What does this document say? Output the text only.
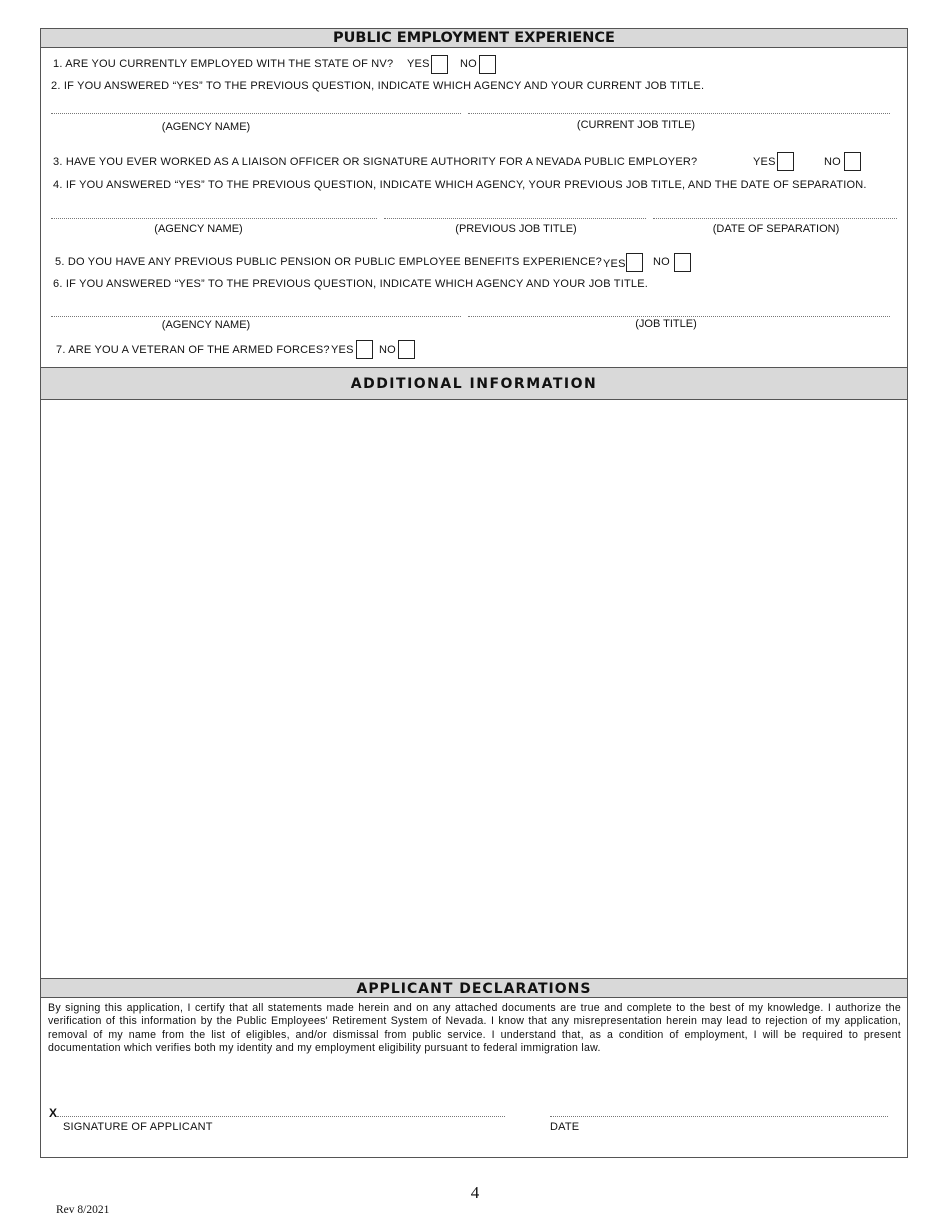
PUBLIC EMPLOYMENT EXPERIENCE
1. ARE YOU CURRENTLY EMPLOYED WITH THE STATE OF NV? YES	NO
2. IF YOU ANSWERED “YES” TO THE PREVIOUS QUESTION, INDICATE WHICH AGENCY AND YOUR CURRENT JOB TITLE.
(AGENCY NAME)	(CURRENT JOB TITLE)
3. HAVE YOU EVER WORKED AS A LIAISON OFFICER OR SIGNATURE AUTHORITY FOR A NEVADA PUBLIC EMPLOYER?	YES	NO
4. IF YOU ANSWERED “YES” TO THE PREVIOUS QUESTION, INDICATE WHICH AGENCY, YOUR PREVIOUS JOB TITLE, AND THE DATE OF SEPARATION.
(AGENCY NAME)	(PREVIOUS JOB TITLE)	(DATE OF SEPARATION)
5. DO YOU HAVE ANY PREVIOUS PUBLIC PENSION OR PUBLIC EMPLOYEE BENEFITS EXPERIENCE? YES NO
6. IF YOU ANSWERED “YES” TO THE PREVIOUS QUESTION, INDICATE WHICH AGENCY AND YOUR JOB TITLE.
(AGENCY NAME)	(JOB TITLE)
7. ARE YOU A VETERAN OF THE ARMED FORCES? YES NO
ADDITIONAL INFORMATION
APPLICANT DECLARATIONS
By signing this application, I certify that all statements made herein and on any attached documents are true and complete to the best of my knowledge. I authorize the verification of this information by the Public Employees' Retirement System of Nevada. I know that any misrepresentation herein may lead to rejection of my application, removal of my name from the list of eligibles, and/or dismissal from public service. I understand that, as a condition of employment, I will be required to present documentation which verifies both my identity and my employment eligibility pursuant to federal immigration law.
X
SIGNATURE OF APPLICANT	DATE
4
Rev 8/2021
